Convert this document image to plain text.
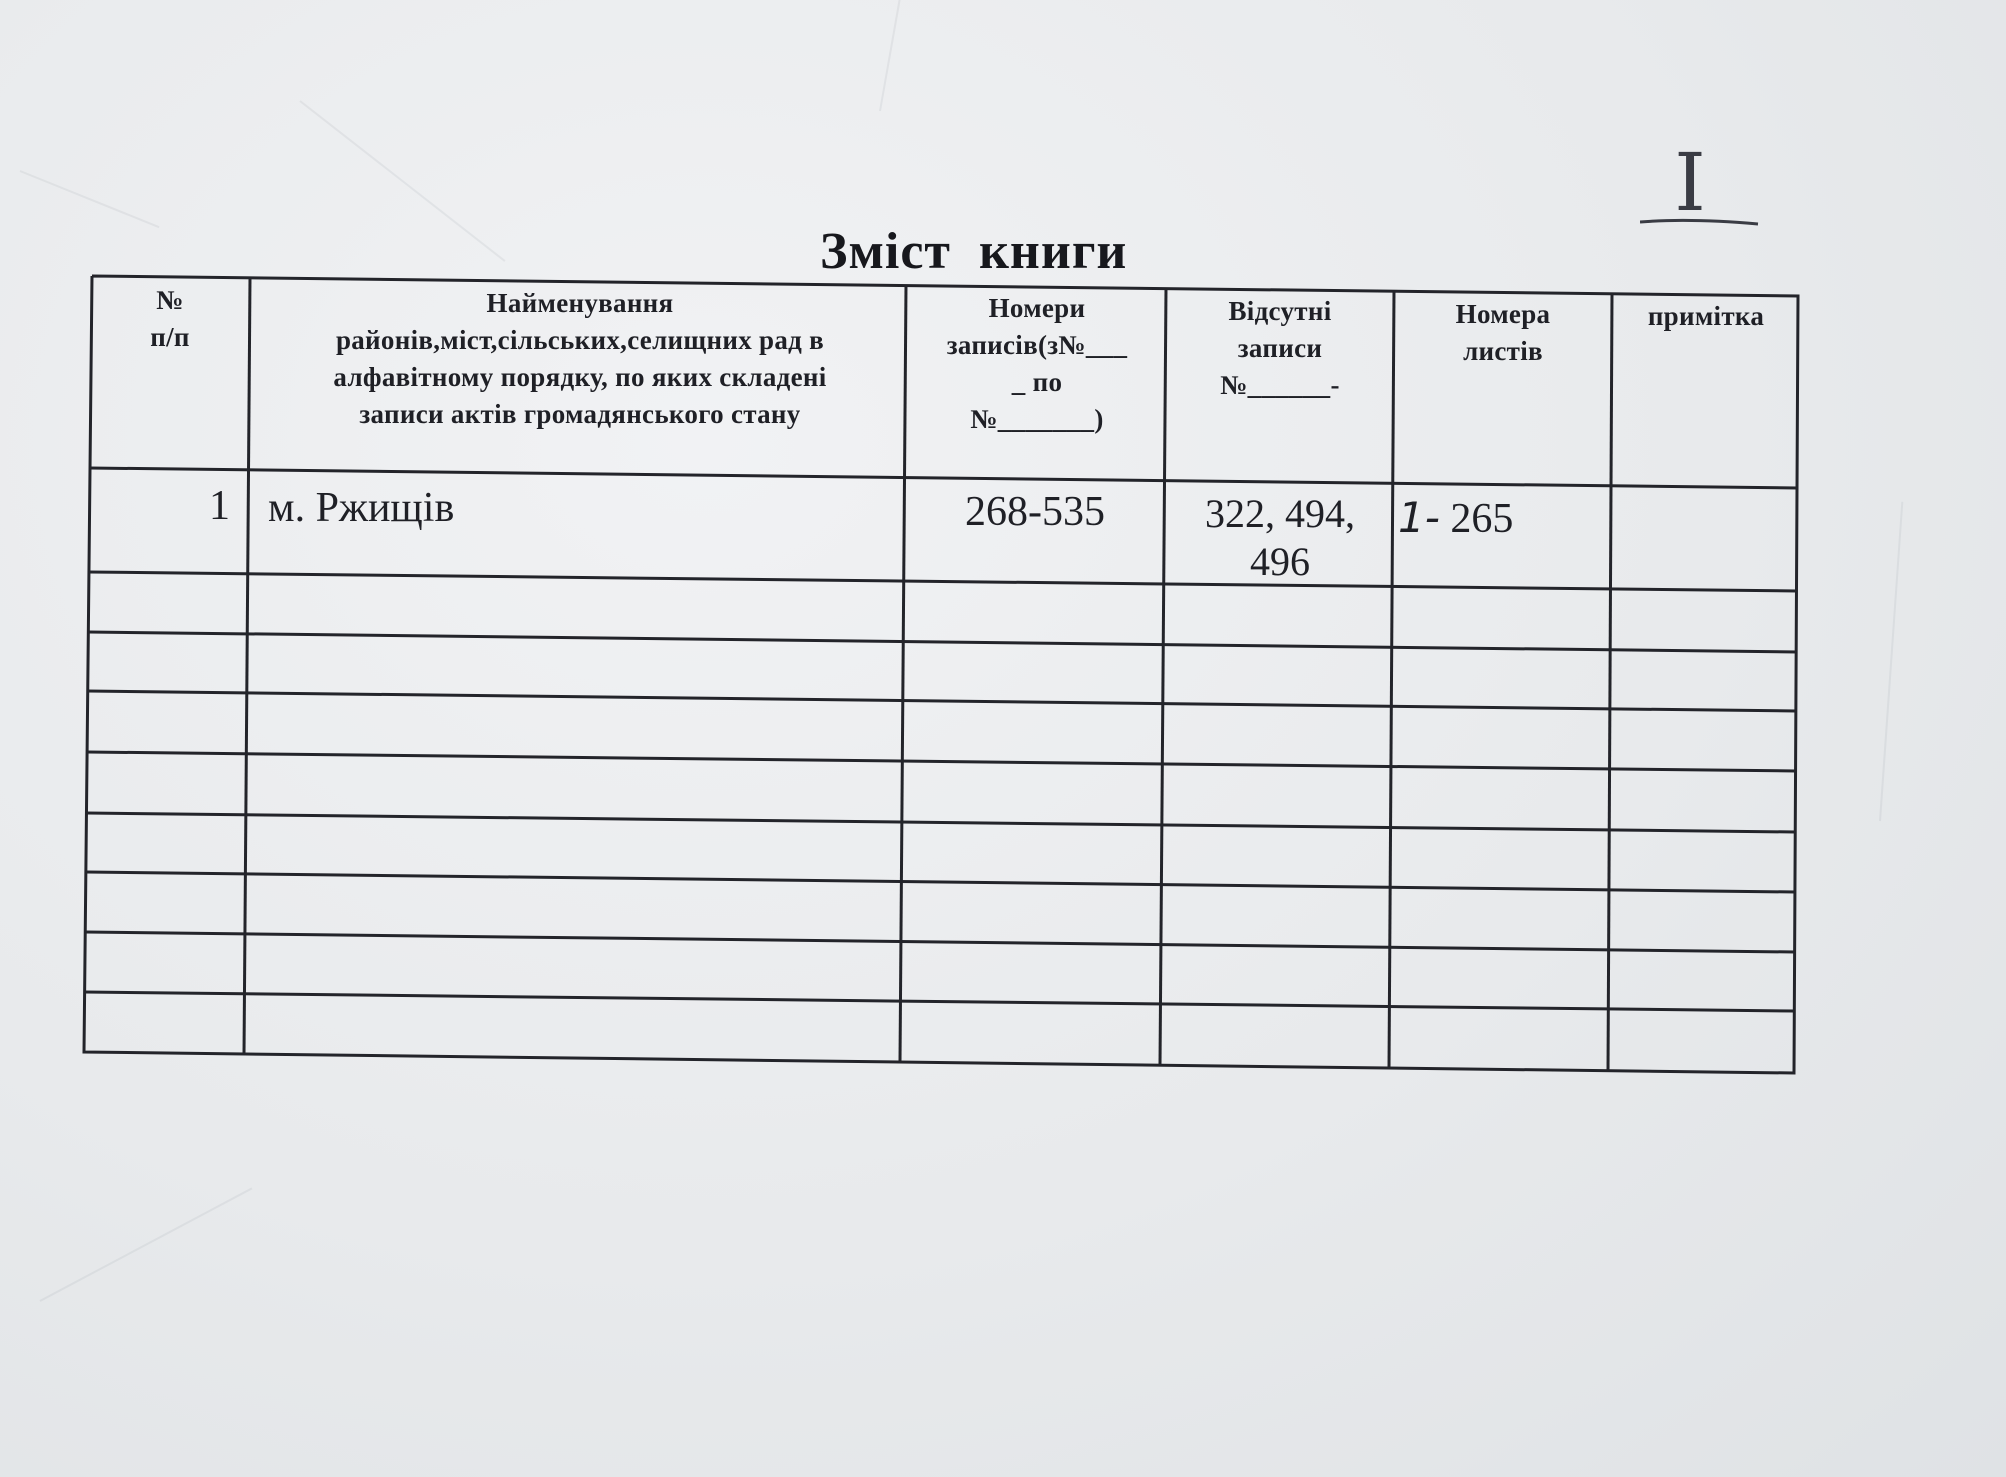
Зміст  книги
I
№
п/п
Найменування
районів,міст,сільських,селищних рад в
алфавітному порядку, по яких складені
записи актів громадянського стану
Номери
записів(з№___
_ по
№_______)
Відсутні
записи
№______-
Номера
листів
примітка
1 м. Ржищів	268-535	322, 494,
496
1- 265
